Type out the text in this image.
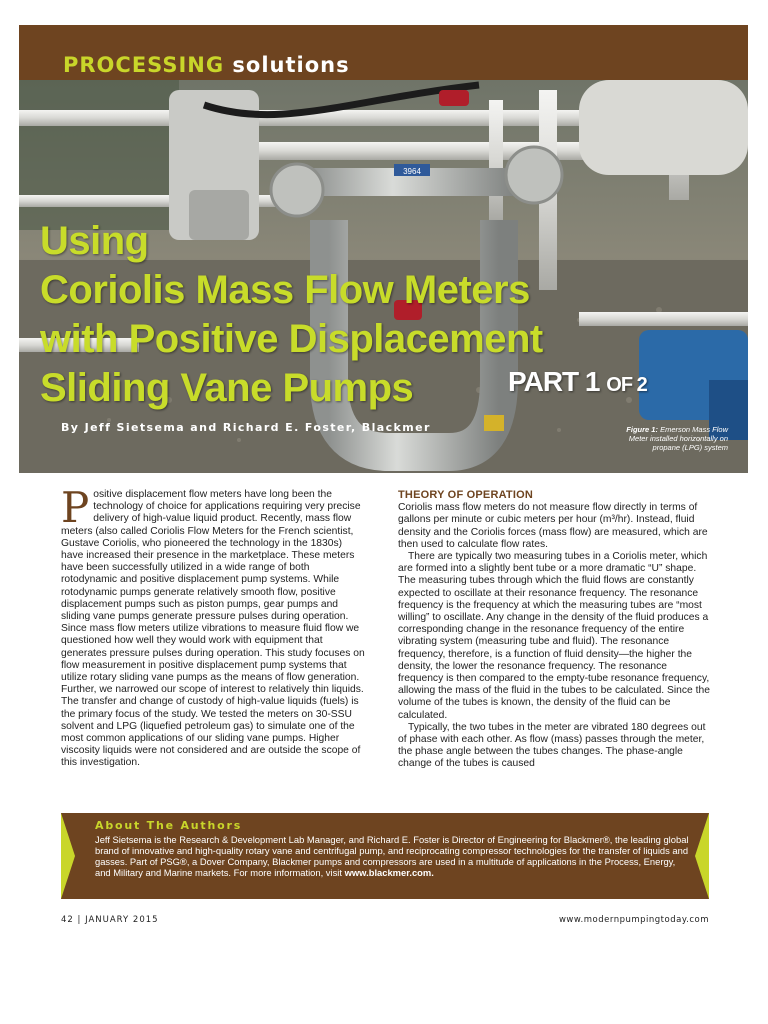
PROCESSING solutions
3964
Using
Coriolis Mass Flow Meters
with Positive Displacement
Sliding Vane Pumps	PART 1 OF 2
By Jeff Sietsema and Richard E. Foster, Blackmer	Figure 1: Emerson Mass Flow Meter installed horizontally on propane (LPG) system
P ositive displacement flow meters have long been the technology of choice for applications requiring very precise delivery of high-value liquid product. Recently, mass flow meters (also called Coriolis Flow Meters for the French scientist, Gustave Coriolis, who pioneered the technology in the 1830s) have increased their presence in the marketplace. These meters have been successfully utilized in a wide range of both rotodynamic and positive displacement pump systems. While rotodynamic pumps generate relatively smooth flow, positive displacement pumps such as piston pumps, gear pumps and sliding vane pumps generate pressure pulses during operation. Since mass flow meters utilize vibrations to measure fluid flow we questioned how well they would work with equipment that generates pressure pulses during operation. This study focuses on flow measurement in positive displacement pump systems that utilize rotary sliding vane pumps as the means of flow generation. Further, we narrowed our scope of interest to relatively thin liquids. The transfer and change of custody of high-value liquids (fuels) is the primary focus of the study. We tested the meters on 30-SSU solvent and LPG (liquefied petroleum gas) to simulate one of the most common applications of our sliding vane pumps. Higher viscosity liquids were not considered and are outside the scope of this investigation.

THEORY OF OPERATION

Coriolis mass flow meters do not measure flow directly in terms of gallons per minute or cubic meters per hour (m³/hr). Instead, fluid density and the Coriolis forces (mass flow) are measured, which are then used to calculate flow rates.

There are typically two measuring tubes in a Coriolis meter, which are formed into a slightly bent tube or a more dramatic “U” shape. The measuring tubes through which the fluid flows are constantly expected to oscillate at their resonance frequency. The resonance frequency is the frequency at which the measuring tubes are “most willing” to oscillate. Any change in the density of the fluid produces a corresponding change in the resonance frequency of the entire vibrating system (measuring tube and fluid). The resonance frequency, therefore, is a function of fluid density—the higher the density, the lower the resonance frequency. The resonance frequency is then compared to the empty-tube resonance frequency, allowing the mass of the fluid in the tubes to be calculated. Since the volume of the tubes is known, the density of the fluid can be calculated.

Typically, the two tubes in the meter are vibrated 180 degrees out of phase with each other. As flow (mass) passes through the meter, the phase angle between the tubes changes. The phase-angle change of the tubes is caused

About The Authors
Jeff Sietsema is the Research & Development Lab Manager, and Richard E. Foster is Director of Engineering for Blackmer®, the leading global brand of innovative and high-quality rotary vane and centrifugal pump, and reciprocating compressor technologies for the transfer of liquids and gasses. Part of PSG®, a Dover Company, Blackmer pumps and compressors are used in a multitude of applications in the Process, Energy, and Military and Marine markets. For more information, visit www.blackmer.com.
42 | JANUARY 2015	www.modernpumpingtoday.com
